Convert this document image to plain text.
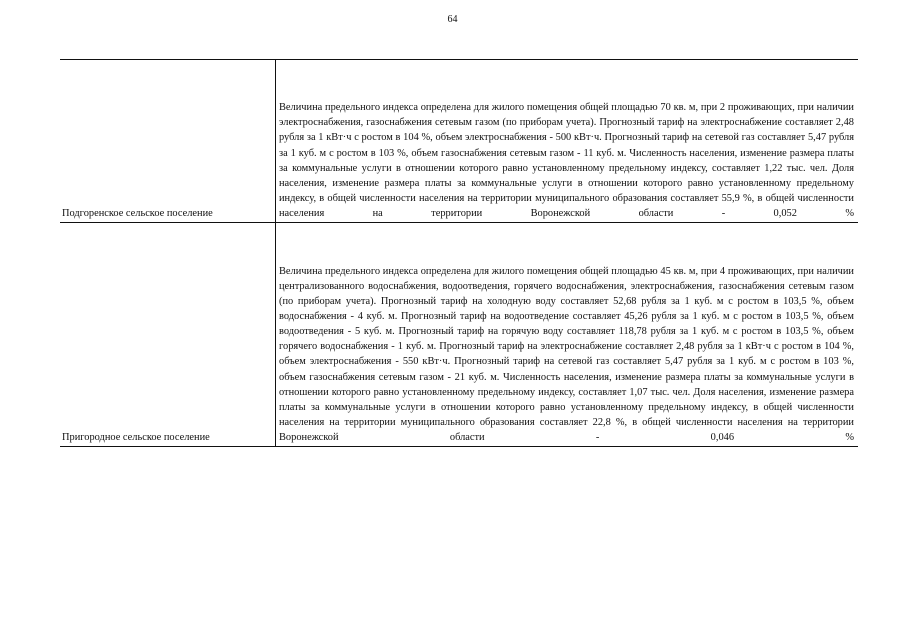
64
Подгоренское сельское поселение

Величина предельного индекса определена для жилого помещения общей площадью 70 кв. м, при 2 проживающих, при наличии электроснабжения, газоснабжения сетевым газом (по приборам учета). Прогнозный тариф на электроснабжение составляет 2,48 рубля за 1 кВт·ч с ростом в 104 %, объем электроснабжения - 500 кВт·ч. Прогнозный тариф на сетевой газ составляет 5,47 рубля за 1 куб. м с ростом в 103 %, объем газоснабжения сетевым газом - 11 куб. м. Численность населения, изменение размера платы за коммунальные услуги в отношении которого равно установленному предельному индексу, составляет 1,22 тыс. чел. Доля населения, изменение размера платы за коммунальные услуги в отношении которого равно установленному предельному индексу, в общей численности населения на территории муниципального образования составляет 55,9 %, в общей численности населения на территории Воронежской области - 0,052 %

Пригородное сельское поселение

Величина предельного индекса определена для жилого помещения общей площадью 45 кв. м, при 4 проживающих, при наличии централизованного водоснабжения, водоотведения, горячего водоснабжения, электроснабжения, газоснабжения сетевым газом (по приборам учета). Прогнозный тариф на холодную воду составляет 52,68 рубля за 1 куб. м с ростом в 103,5 %, объем водоснабжения - 4 куб. м. Прогнозный тариф на водоотведение составляет 45,26 рубля за 1 куб. м с ростом в 103,5 %, объем водоотведения - 5 куб. м. Прогнозный тариф на горячую воду составляет 118,78 рубля за 1 куб. м с ростом в 103,5 %, объем горячего водоснабжения - 1 куб. м. Прогнозный тариф на электроснабжение составляет 2,48 рубля за 1 кВт·ч с ростом в 104 %, объем электроснабжения - 550 кВт·ч. Прогнозный тариф на сетевой газ составляет 5,47 рубля за 1 куб. м с ростом в 103 %, объем газоснабжения сетевым газом - 21 куб. м. Численность населения, изменение размера платы за коммунальные услуги в отношении которого равно установленному предельному индексу, составляет 1,07 тыс. чел. Доля населения, изменение размера платы за коммунальные услуги в отношении которого равно установленному предельному индексу, в общей численности населения на территории муниципального образования составляет 22,8 %, в общей численности населения на территории Воронежской области - 0,046 %
